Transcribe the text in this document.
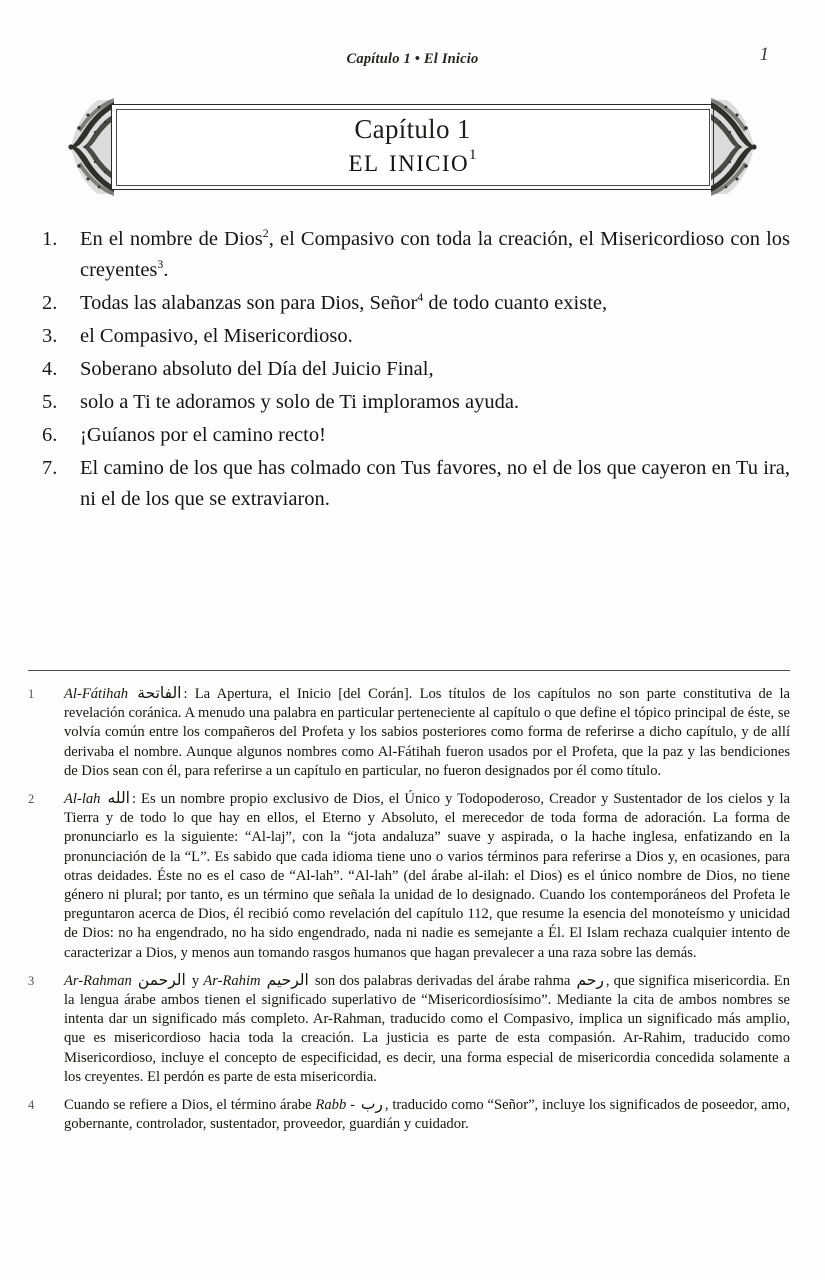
Capítulo 1 • El Inicio	1
Capítulo 1
el inicio$^1$
1.	En el nombre de Dios$^2$, el Compasivo con toda la creación, el Misericordioso con los creyentes$^3$.
2.	Todas las alabanzas son para Dios, Señor$^4$ de todo cuanto existe,
3.	el Compasivo, el Misericordioso.
4.	Soberano absoluto del Día del Juicio Final,
5.	solo a Ti te adoramos y solo de Ti imploramos ayuda.
6.	¡Guíanos por el camino recto!
7.	El camino de los que has colmado con Tus favores, no el de los que cayeron en Tu ira, ni el de los que se extraviaron.
1	Al-Fátihah الفاتحة : La Apertura, el Inicio [del Corán]. Los títulos de los capítulos no son parte constitutiva de la revelación coránica. A menudo una palabra en particular perteneciente al capítulo o que define el tópico principal de éste, se volvía común entre los compañeros del Profeta y los sabios posteriores como forma de referirse a dicho capítulo, y de allí derivaba el nombre. Aunque algunos nombres como Al-Fátihah fueron usados por el Profeta, que la paz y las bendiciones de Dios sean con él, para referirse a un capítulo en particular, no fueron designados por él como título.
2	Al-lah الله : Es un nombre propio exclusivo de Dios, el Único y Todopoderoso, Creador y Sustentador de los cielos y la Tierra y de todo lo que hay en ellos, el Eterno y Absoluto, el merecedor de toda forma de adoración. La forma de pronunciarlo es la siguiente: “Al-laj”, con la “jota andaluza” suave y aspirada, o la hache inglesa, enfatizando en la pronunciación de la “L”. Es sabido que cada idioma tiene uno o varios términos para referirse a Dios y, en ocasiones, para otras deidades. Éste no es el caso de “Al-lah”. “Al-lah” (del árabe al-ilah: el Dios) es el único nombre de Dios, no tiene género ni plural; por tanto, es un término que señala la unidad de lo designado. Cuando los contemporáneos del Profeta le preguntaron acerca de Dios, él recibió como revelación del capítulo 112, que resume la esencia del monoteísmo y unicidad de Dios: no ha engendrado, no ha sido engendrado, nada ni nadie es semejante a Él. El Islam rechaza cualquier intento de caracterizar a Dios, y menos aun tomando rasgos humanos que hagan prevalecer a una raza sobre las demás.
3	Ar-Rahman الرحمن y Ar-Rahim الرحيم son dos palabras derivadas del árabe rahma رحم , que significa misericordia. En la lengua árabe ambos tienen el significado superlativo de “Misericordiosísimo”. Mediante la cita de ambos nombres se intenta dar un significado más completo. Ar-Rahman, traducido como el Compasivo, implica un significado más amplio, que es misericordioso hacia toda la creación. La justicia es parte de esta compasión. Ar-Rahim, traducido como Misericordioso, incluye el concepto de especificidad, es decir, una forma especial de misericordia concedida solamente a los creyentes. El perdón es parte de esta misericordia.
4	Cuando se refiere a Dios, el término árabe Rabb - رب , traducido como “Señor”, incluye los significados de poseedor, amo, gobernante, controlador, sustentador, proveedor, guardián y cuidador.
